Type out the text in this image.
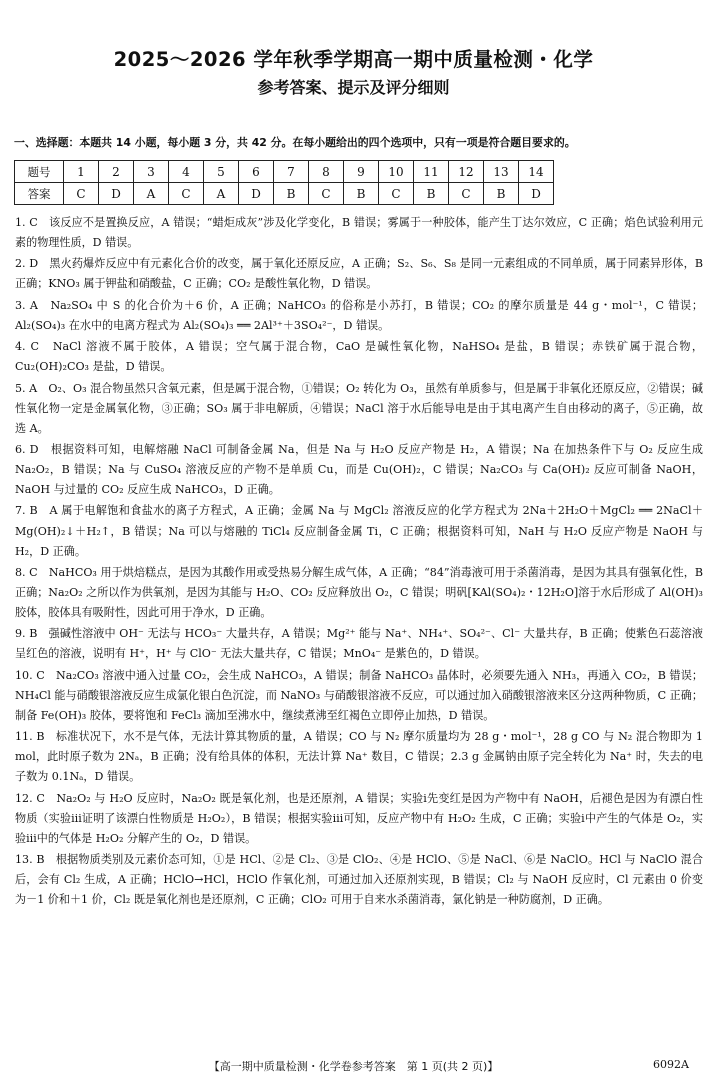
2025～2026 学年秋季学期高一期中质量检测・化学
参考答案、提示及评分细则
一、选择题：本题共 14 小题，每小题 3 分，共 42 分。在每小题给出的四个选项中，只有一项是符合题目要求的。
题号	1	2	3	4	5	6	7	8	9	10	11	12	13	14
答案	C	D	A	C	A	D	B	C	B	C	B	C	B	D

1. C　该反应不是置换反应，A 错误；“蜡炬成灰”涉及化学变化，B 错误；雾属于一种胶体，能产生丁达尔效应，C 正确；焰色试验利用元素的物理性质，D 错误。

2. D　黑火药爆炸反应中有元素化合价的改变，属于氧化还原反应，A 正确；S₂、S₆、S₈ 是同一元素组成的不同单质，属于同素异形体，B 正确；KNO₃ 属于钾盐和硝酸盐，C 正确；CO₂ 是酸性氧化物，D 错误。

3. A　Na₂SO₄ 中 S 的化合价为＋6 价，A 正确；NaHCO₃ 的俗称是小苏打，B 错误；CO₂ 的摩尔质量是 44 g・mol⁻¹，C 错误；Al₂(SO₄)₃ 在水中的电离方程式为 Al₂(SO₄)₃ ══ 2Al³⁺＋3SO₄²⁻，D 错误。

4. C　NaCl 溶液不属于胶体，A 错误；空气属于混合物，CaO 是碱性氧化物，NaHSO₄ 是盐，B 错误；赤铁矿属于混合物，Cu₂(OH)₂CO₃ 是盐，D 错误。

5. A　O₂、O₃ 混合物虽然只含氧元素，但是属于混合物，①错误；O₂ 转化为 O₃，虽然有单质参与，但是属于非氧化还原反应，②错误；碱性氧化物一定是金属氧化物，③正确；SO₃ 属于非电解质，④错误；NaCl 溶于水后能导电是由于其电离产生自由移动的离子，⑤正确，故选 A。

6. D　根据资料可知，电解熔融 NaCl 可制备金属 Na，但是 Na 与 H₂O 反应产物是 H₂，A 错误；Na 在加热条件下与 O₂ 反应生成 Na₂O₂，B 错误；Na 与 CuSO₄ 溶液反应的产物不是单质 Cu，而是 Cu(OH)₂，C 错误；Na₂CO₃ 与 Ca(OH)₂ 反应可制备 NaOH，NaOH 与过量的 CO₂ 反应生成 NaHCO₃，D 正确。

7. B　A 属于电解饱和食盐水的离子方程式，A 正确；金属 Na 与 MgCl₂ 溶液反应的化学方程式为 2Na＋2H₂O＋MgCl₂ ══ 2NaCl＋Mg(OH)₂↓＋H₂↑，B 错误；Na 可以与熔融的 TiCl₄ 反应制备金属 Ti，C 正确；根据资料可知，NaH 与 H₂O 反应产物是 NaOH 与 H₂，D 正确。

8. C　NaHCO₃ 用于烘焙糕点，是因为其酸作用或受热易分解生成气体，A 正确；“84”消毒液可用于杀菌消毒，是因为其具有强氧化性，B 正确；Na₂O₂ 之所以作为供氧剂，是因为其能与 H₂O、CO₂ 反应释放出 O₂，C 错误；明矾[KAl(SO₄)₂・12H₂O]溶于水后形成了 Al(OH)₃ 胶体，胶体具有吸附性，因此可用于净水，D 正确。

9. B　强碱性溶液中 OH⁻ 无法与 HCO₃⁻ 大量共存，A 错误；Mg²⁺ 能与 Na⁺、NH₄⁺、SO₄²⁻、Cl⁻ 大量共存，B 正确；使紫色石蕊溶液呈红色的溶液，说明有 H⁺，H⁺ 与 ClO⁻ 无法大量共存，C 错误；MnO₄⁻ 是紫色的，D 错误。

10. C　Na₂CO₃ 溶液中通入过量 CO₂，会生成 NaHCO₃，A 错误；制备 NaHCO₃ 晶体时，必须要先通入 NH₃，再通入 CO₂，B 错误；NH₄Cl 能与硝酸银溶液反应生成氯化银白色沉淀，而 NaNO₃ 与硝酸银溶液不反应，可以通过加入硝酸银溶液来区分这两种物质，C 正确；制备 Fe(OH)₃ 胶体，要将饱和 FeCl₃ 滴加至沸水中，继续煮沸至红褐色立即停止加热，D 错误。

11. B　标准状况下，水不是气体，无法计算其物质的量，A 错误；CO 与 N₂ 摩尔质量均为 28 g・mol⁻¹，28 g CO 与 N₂ 混合物即为 1 mol，此时原子数为 2Nₐ，B 正确；没有给具体的体积，无法计算 Na⁺ 数目，C 错误；2.3 g 金属钠由原子完全转化为 Na⁺ 时，失去的电子数为 0.1Nₐ，D 错误。

12. C　Na₂O₂ 与 H₂O 反应时，Na₂O₂ 既是氧化剂，也是还原剂，A 错误；实验ⅰ先变红是因为产物中有 NaOH，后褪色是因为有漂白性物质（实验ⅲ证明了该漂白性物质是 H₂O₂），B 错误；根据实验ⅲ可知，反应产物中有 H₂O₂ 生成，C 正确；实验ⅰ中产生的气体是 O₂，实验ⅲ中的气体是 H₂O₂ 分解产生的 O₂，D 错误。

13. B　根据物质类别及元素价态可知，①是 HCl、②是 Cl₂、③是 ClO₂、④是 HClO、⑤是 NaCl、⑥是 NaClO。HCl 与 NaClO 混合后，会有 Cl₂ 生成，A 正确；HClO→HCl，HClO 作氧化剂，可通过加入还原剂实现，B 错误；Cl₂ 与 NaOH 反应时，Cl 元素由 0 价变为－1 价和＋1 价，Cl₂ 既是氧化剂也是还原剂，C 正确；ClO₂ 可用于自来水杀菌消毒，氯化钠是一种防腐剂，D 正确。

【高一期中质量检测・化学卷参考答案　第 1 页(共 2 页)】	6092A
